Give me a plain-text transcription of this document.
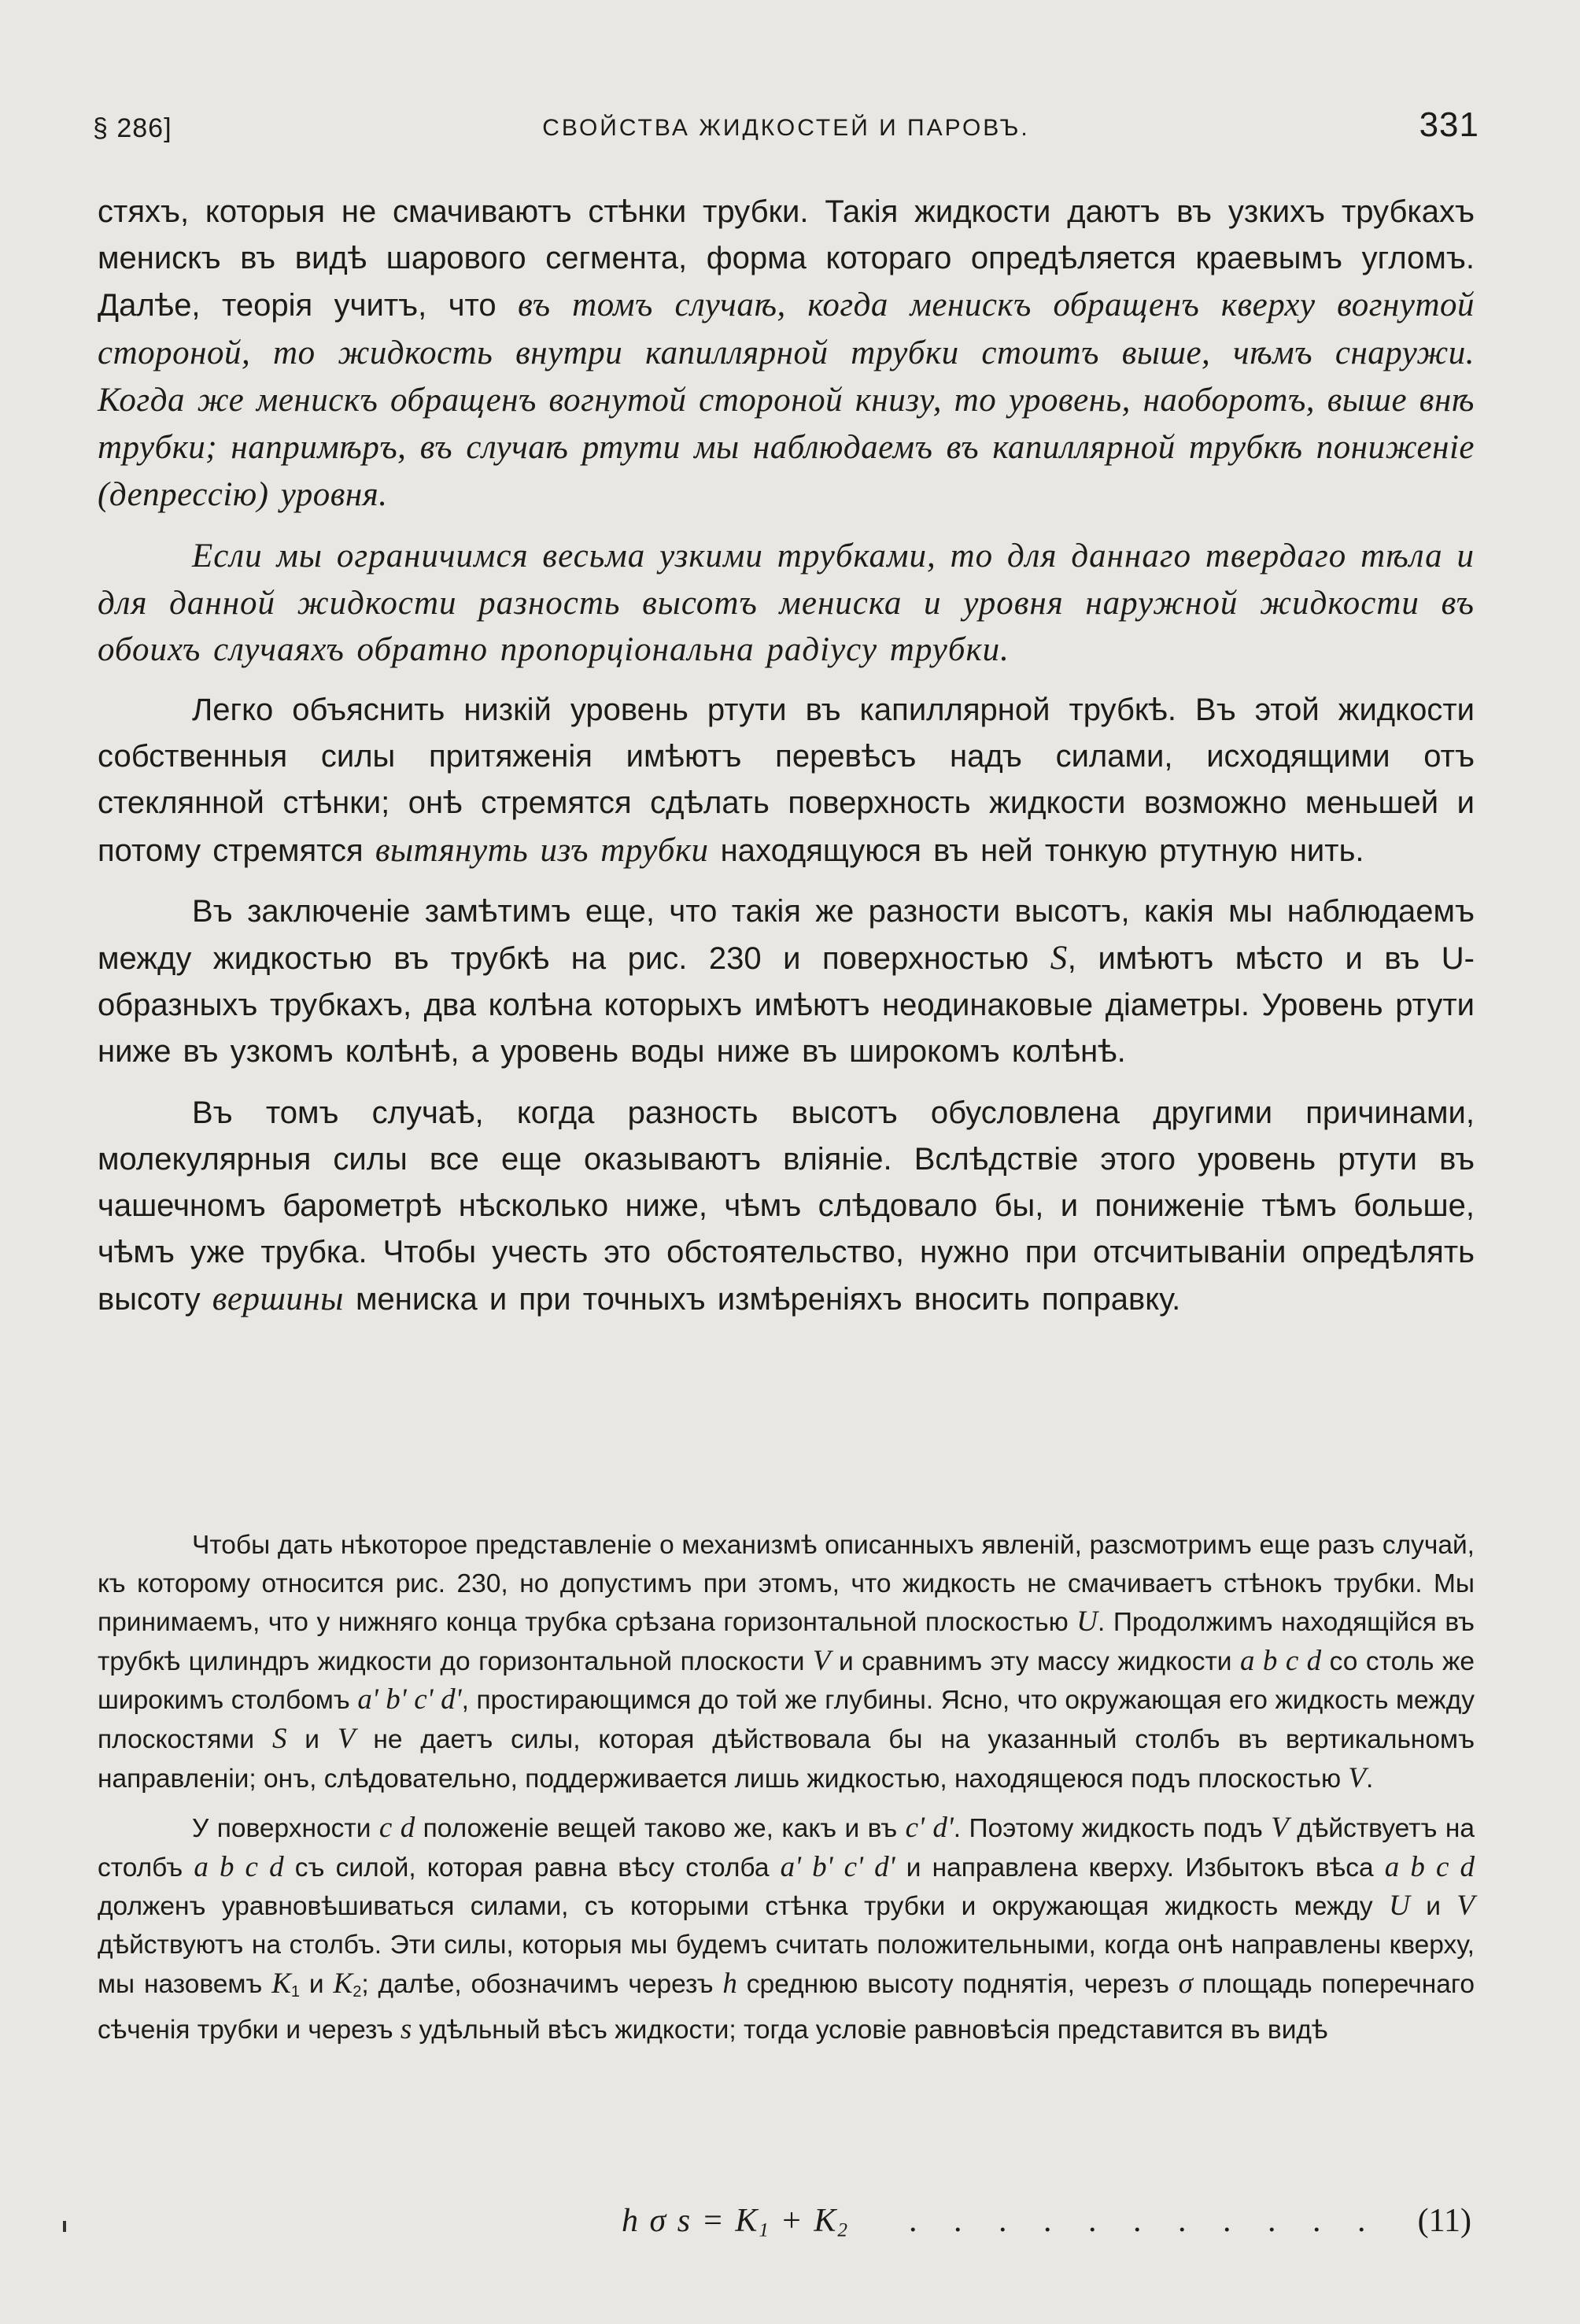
§ 286]	СВОЙСТВА ЖИДКОСТЕЙ И ПАРОВЪ.	331

стяхъ, которыя не смачиваютъ стѣнки трубки. Такія жидкости даютъ въ узкихъ трубкахъ менискъ въ видѣ шарового сегмента, форма котораго опредѣляется краевымъ угломъ. Далѣе, теорія учитъ, что въ томъ случаѣ, когда менискъ обращенъ кверху вогнутой стороной, то жидкость внутри капиллярной трубки стоитъ выше, чѣмъ снаружи. Когда же менискъ обращенъ вогнутой стороной книзу, то уровень, наоборотъ, выше внѣ трубки; напримѣръ, въ случаѣ ртути мы наблюдаемъ въ капиллярной трубкѣ пониженіе (депрессію) уровня.

Если мы ограничимся весьма узкими трубками, то для даннаго твердаго тѣла и для данной жидкости разность высотъ мениска и уровня наружной жидкости въ обоихъ случаяхъ обратно пропорціональна радіусу трубки.

Легко объяснить низкій уровень ртути въ капиллярной трубкѣ. Въ этой жидкости собственныя силы притяженія имѣютъ перевѣсъ надъ силами, исходящими отъ стеклянной стѣнки; онѣ стремятся сдѣлать поверхность жидкости возможно меньшей и потому стремятся вытянуть изъ трубки находящуюся въ ней тонкую ртутную нить.

Въ заключеніе замѣтимъ еще, что такія же разности высотъ, какія мы наблюдаемъ между жидкостью въ трубкѣ на рис. 230 и поверхностью S, имѣютъ мѣсто и въ U-образныхъ трубкахъ, два колѣна которыхъ имѣютъ неодинаковые діаметры. Уровень ртути ниже въ узкомъ колѣнѣ, а уровень воды ниже въ широкомъ колѣнѣ.

Въ томъ случаѣ, когда разность высотъ обусловлена другими причинами, молекулярныя силы все еще оказываютъ вліяніе. Вслѣдствіе этого уровень ртути въ чашечномъ барометрѣ нѣсколько ниже, чѣмъ слѣдовало бы, и пониженіе тѣмъ больше, чѣмъ уже трубка. Чтобы учесть это обстоятельство, нужно при отсчитываніи опредѣлять высоту вершины мениска и при точныхъ измѣреніяхъ вносить поправку.

Чтобы дать нѣкоторое представленіе о механизмѣ описанныхъ явленій, разсмотримъ еще разъ случай, къ которому относится рис. 230, но допустимъ при этомъ, что жидкость не смачиваетъ стѣнокъ трубки. Мы принимаемъ, что у нижняго конца трубка срѣзана горизонтальной плоскостью U. Продолжимъ находящійся въ трубкѣ цилиндръ жидкости до горизонтальной плоскости V и сравнимъ эту массу жидкости a b c d со столь же широкимъ столбомъ a' b' c' d', простирающимся до той же глубины. Ясно, что окружающая его жидкость между плоскостями S и V не даетъ силы, которая дѣйствовала бы на указанный столбъ въ вертикальномъ направленіи; онъ, слѣдовательно, поддерживается лишь жидкостью, находящеюся подъ плоскостью V.

У поверхности c d положеніе вещей таково же, какъ и въ c' d'. Поэтому жидкость подъ V дѣйствуетъ на столбъ a b c d съ силой, которая равна вѣсу столба a' b' c' d' и направлена кверху. Избытокъ вѣса a b c d долженъ уравновѣшиваться силами, съ которыми стѣнка трубки и окружающая жидкость между U и V дѣйствуютъ на столбъ. Эти силы, которыя мы будемъ считать положительными, когда онѣ направлены кверху, мы назовемъ $K_1$ и $K_2$; далѣе, обозначимъ черезъ h среднюю высоту поднятія, черезъ σ площадь поперечнаго сѣченія трубки и черезъ s удѣльный вѣсъ жидкости; тогда условіе равновѣсія представится въ видѣ

h σ $s = K_1 + K_2$ . . . . . . . . . . . (11)
